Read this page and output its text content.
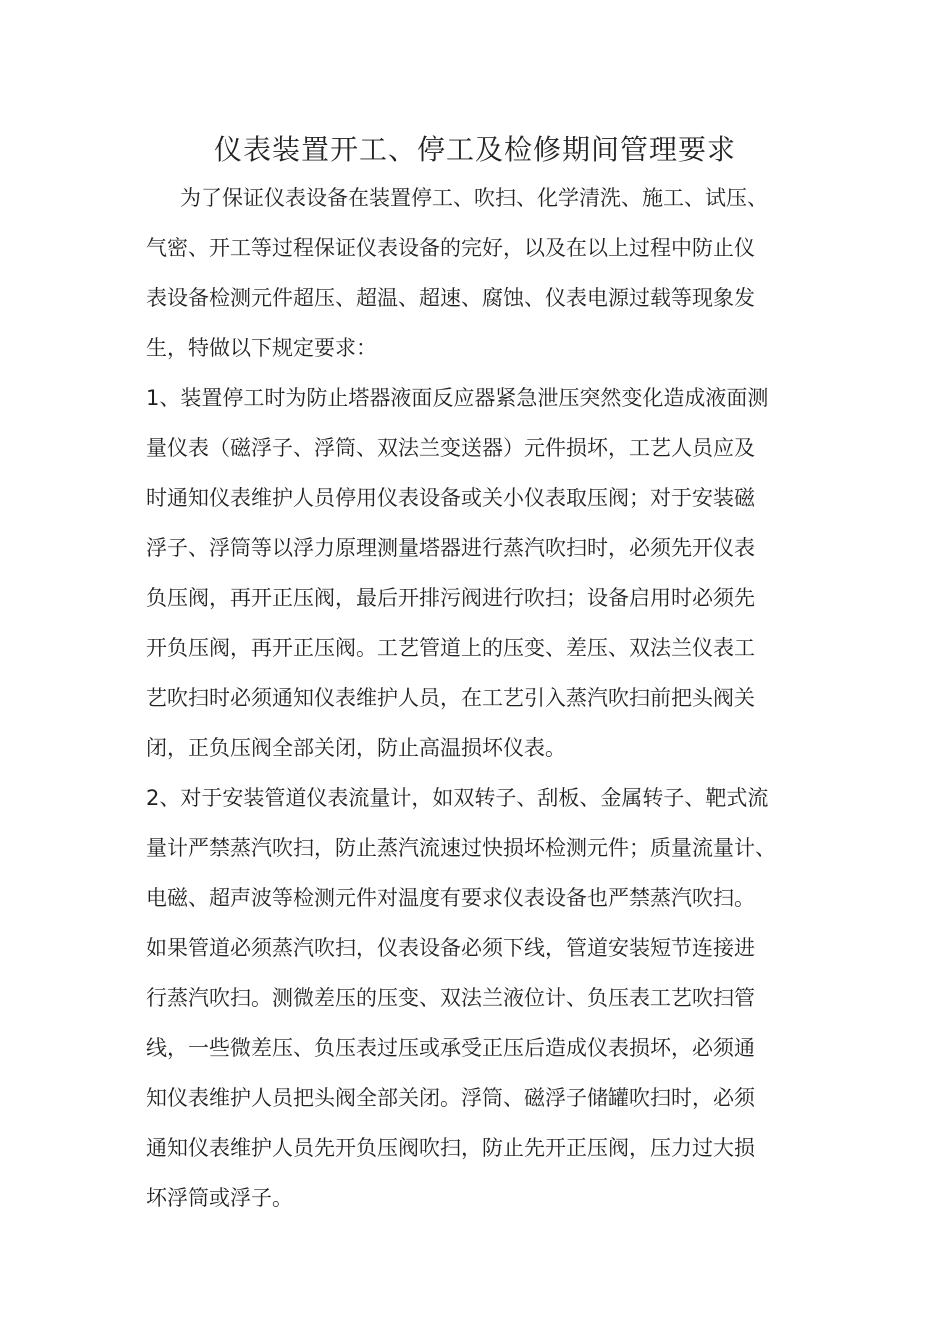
仪表装置开工、停工及检修期间管理要求
为了保证仪表设备在装置停工、吹扫、化学清洗、施工、试压、
气密、开工等过程保证仪表设备的完好，以及在以上过程中防止仪
表设备检测元件超压、超温、超速、腐蚀、仪表电源过载等现象发
生，特做以下规定要求：
1、装置停工时为防止塔器液面反应器紧急泄压突然变化造成液面测
量仪表（磁浮子、浮筒、双法兰变送器）元件损坏，工艺人员应及
时通知仪表维护人员停用仪表设备或关小仪表取压阀；对于安装磁
浮子、浮筒等以浮力原理测量塔器进行蒸汽吹扫时，必须先开仪表
负压阀，再开正压阀，最后开排污阀进行吹扫；设备启用时必须先
开负压阀，再开正压阀。工艺管道上的压变、差压、双法兰仪表工
艺吹扫时必须通知仪表维护人员，在工艺引入蒸汽吹扫前把头阀关
闭，正负压阀全部关闭，防止高温损坏仪表。
2、对于安装管道仪表流量计，如双转子、刮板、金属转子、靶式流
量计严禁蒸汽吹扫，防止蒸汽流速过快损坏检测元件；质量流量计、
电磁、超声波等检测元件对温度有要求仪表设备也严禁蒸汽吹扫。
如果管道必须蒸汽吹扫，仪表设备必须下线，管道安装短节连接进
行蒸汽吹扫。测微差压的压变、双法兰液位计、负压表工艺吹扫管
线，一些微差压、负压表过压或承受正压后造成仪表损坏，必须通
知仪表维护人员把头阀全部关闭。浮筒、磁浮子储罐吹扫时，必须
通知仪表维护人员先开负压阀吹扫，防止先开正压阀，压力过大损
坏浮筒或浮子。
